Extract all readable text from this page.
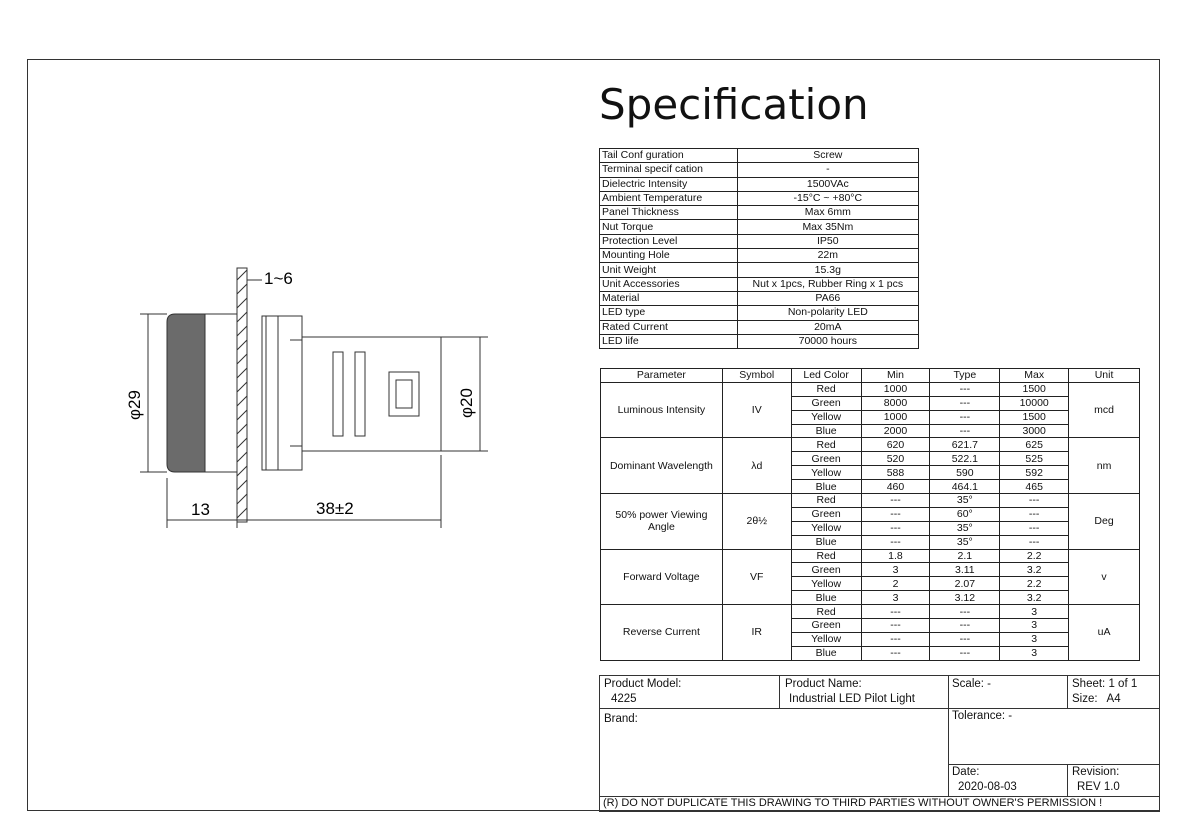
Specification
Tail Conf guration	Screw
Terminal specif cation	-
Dielectric Intensity	1500VAc
Ambient Temperature	-15°C ~ +80°C
Panel Thickness	Max 6mm
Nut Torque	Max 35Nm
Protection Level	IP50
Mounting Hole	22m
Unit Weight	15.3g
Unit Accessories	Nut x 1pcs, Rubber Ring x 1 pcs
Material	PA66
LED type	Non-polarity LED
Rated Current	20mA
LED life	70000 hours
Parameter	Symbol	Led Color	Min	Type	Max	Unit
Luminous Intensity	IV	Red	1000	---	1500	mcd
		Green	8000	---	10000	
		Yellow	1000	---	1500	
		Blue	2000	---	3000	
Dominant Wavelength	λd	Red	620	621.7	625	nm
		Green	520	522.1	525	
		Yellow	588	590	592	
		Blue	460	464.1	465	
50% power Viewing Angle	2θ½	Red	---	35°	---	Deg
		Green	---	60°	---	
		Yellow	---	35°	---	
		Blue	---	35°	---	
Forward Voltage	VF	Red	1.8	2.1	2.2	v
		Green	3	3.11	3.2	
		Yellow	2	2.07	2.2	
		Blue	3	3.12	3.2	
Reverse Current	IR	Red	---	---	3	uA
		Green	---	---	3	
		Yellow	---	---	3	
		Blue	---	---	3	
1~6
φ29	φ20
13	38±2
Product Model:
4225
Product Name:
Industrial LED Pilot Light
Scale: -	Sheet: 1 of 1
Size: A4
Brand:	Tolerance: -
Date:
2020-08-03
Revision:
REV 1.0
(R) DO NOT DUPLICATE THIS DRAWING TO THIRD PARTIES WITHOUT OWNER'S PERMISSION !
